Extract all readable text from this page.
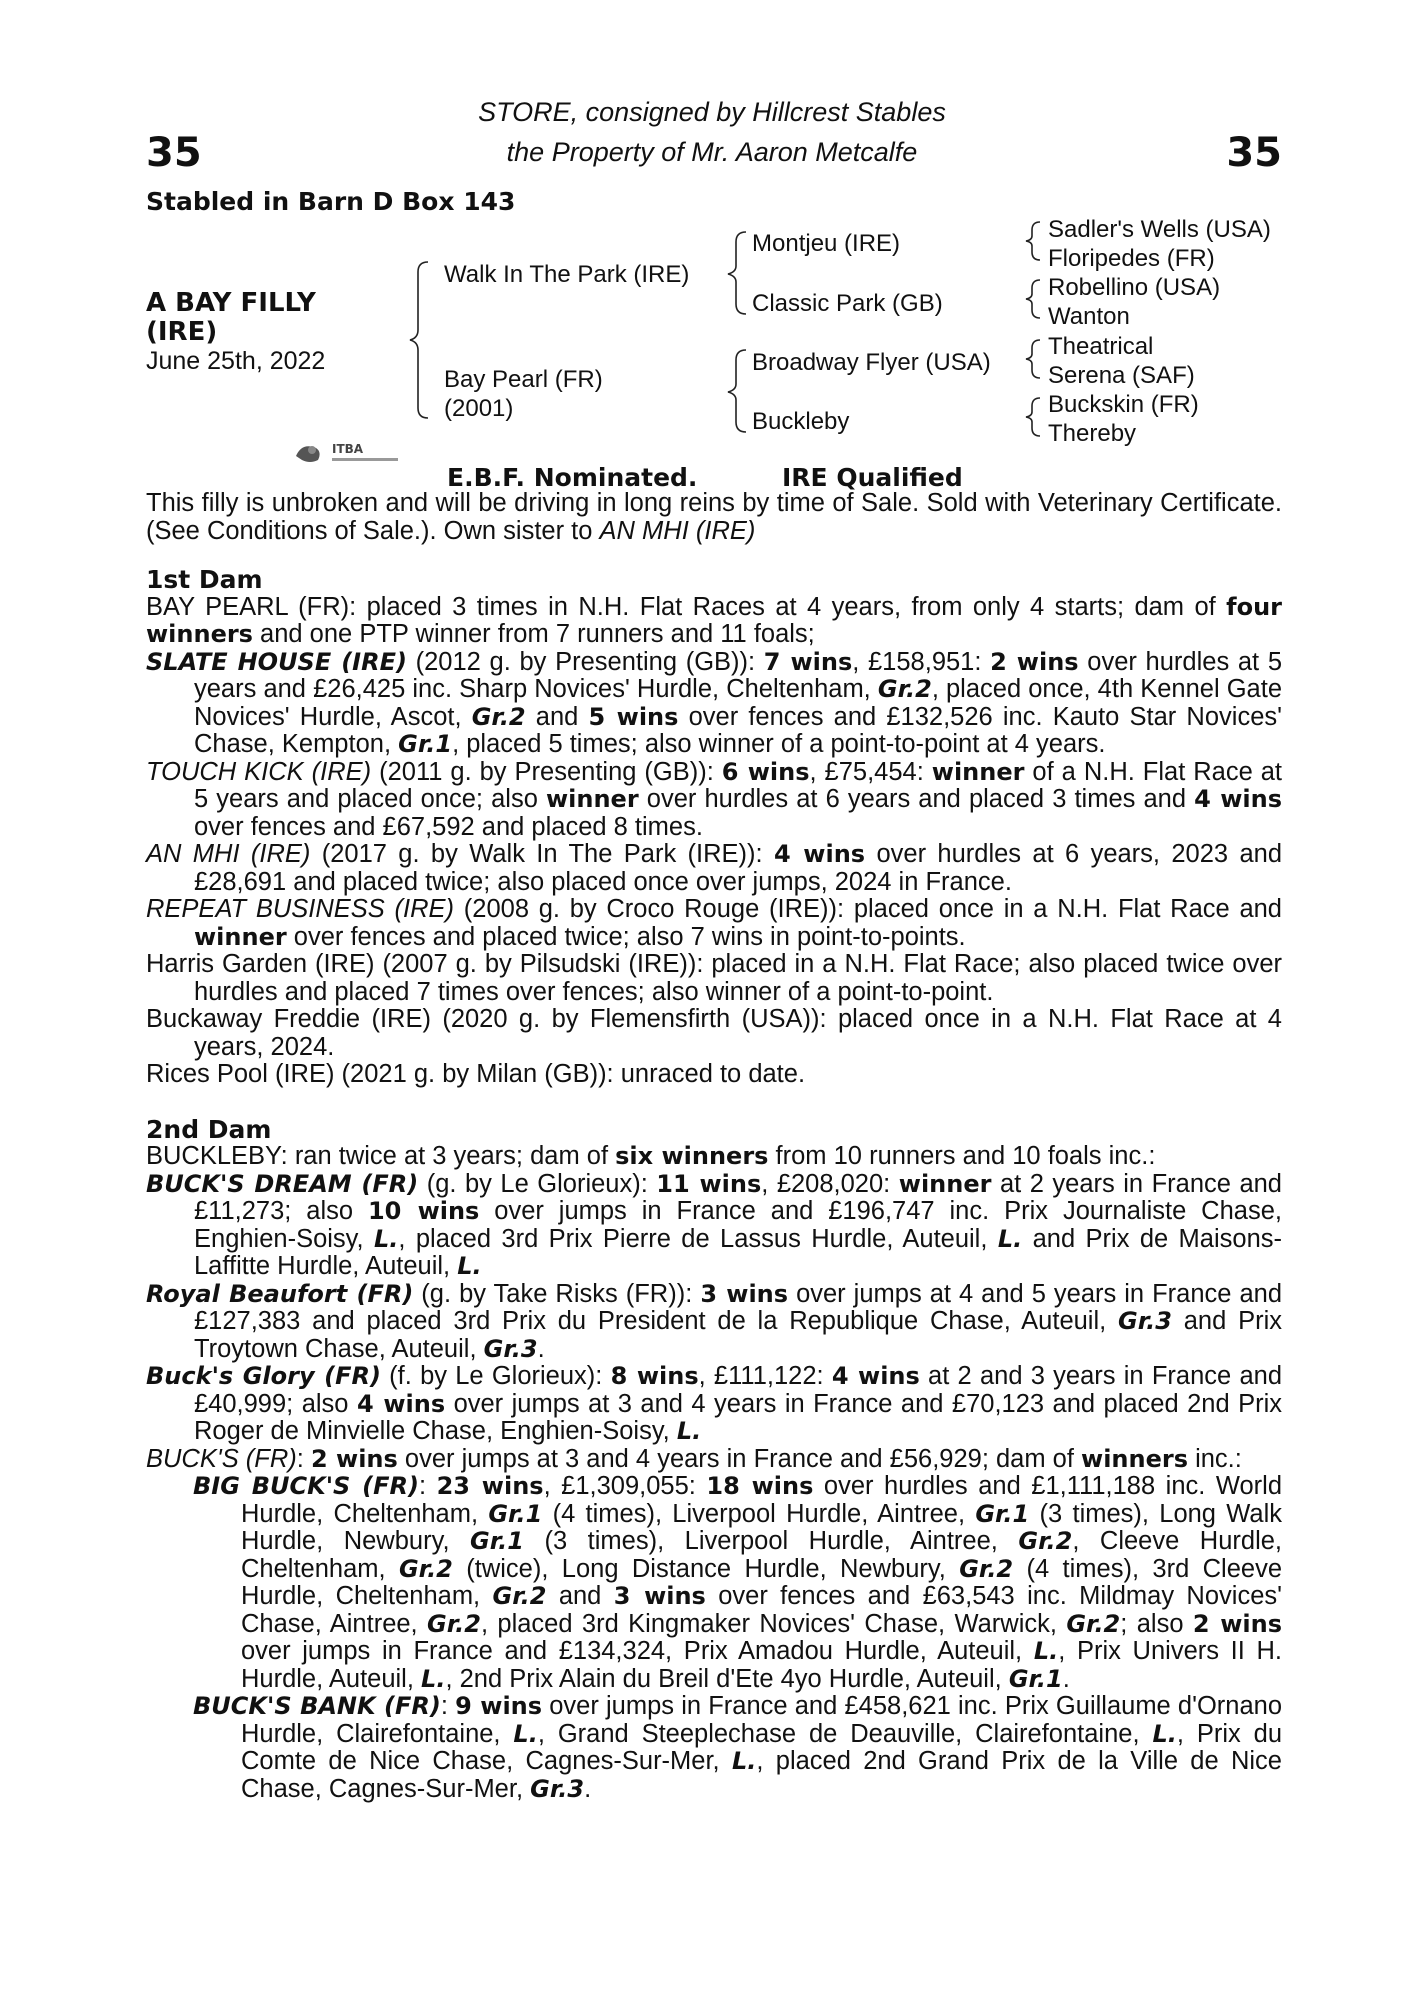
35	35
STORE, consigned by Hillcrest Stables
the Property of Mr. Aaron Metcalfe
Stabled in Barn D Box 143
A BAY FILLY
(IRE)
June 25th, 2022
Walk In The Park (IRE)
Bay Pearl (FR)
(2001)
Montjeu (IRE)
Classic Park (GB)
Broadway Flyer (USA)
Buckleby
Sadler's Wells (USA)
Floripedes (FR)
Robellino (USA)
Wanton
Theatrical
Serena (SAF)
Buckskin (FR)
Thereby
ITBA
E.B.F. Nominated.	IRE Qualified

This filly is unbroken and will be driving in long reins by time of Sale. Sold with Veterinary Certificate. (See Conditions of Sale.). Own sister to AN MHI (IRE)

1st Dam

BAY PEARL (FR): placed 3 times in N.H. Flat Races at 4 years, from only 4 starts; dam of four winners and one PTP winner from 7 runners and 11 foals;

SLATE HOUSE (IRE) (2012 g. by Presenting (GB)): 7 wins, £158,951: 2 wins over hurdles at 5 years and £26,425 inc. Sharp Novices' Hurdle, Cheltenham, Gr.2, placed once, 4th Kennel Gate Novices' Hurdle, Ascot, Gr.2 and 5 wins over fences and £132,526 inc. Kauto Star Novices' Chase, Kempton, Gr.1, placed 5 times; also winner of a point-to-point at 4 years.

TOUCH KICK (IRE) (2011 g. by Presenting (GB)): 6 wins, £75,454: winner of a N.H. Flat Race at 5 years and placed once; also winner over hurdles at 6 years and placed 3 times and 4 wins over fences and £67,592 and placed 8 times.

AN MHI (IRE) (2017 g. by Walk In The Park (IRE)): 4 wins over hurdles at 6 years, 2023 and £28,691 and placed twice; also placed once over jumps, 2024 in France.

REPEAT BUSINESS (IRE) (2008 g. by Croco Rouge (IRE)): placed once in a N.H. Flat Race and winner over fences and placed twice; also 7 wins in point-to-points.

Harris Garden (IRE) (2007 g. by Pilsudski (IRE)): placed in a N.H. Flat Race; also placed twice over hurdles and placed 7 times over fences; also winner of a point-to-point.

Buckaway Freddie (IRE) (2020 g. by Flemensfirth (USA)): placed once in a N.H. Flat Race at 4 years, 2024.

Rices Pool (IRE) (2021 g. by Milan (GB)): unraced to date.

2nd Dam

BUCKLEBY: ran twice at 3 years; dam of six winners from 10 runners and 10 foals inc.:

BUCK'S DREAM (FR) (g. by Le Glorieux): 11 wins, £208,020: winner at 2 years in France and £11,273; also 10 wins over jumps in France and £196,747 inc. Prix Journaliste Chase, Enghien-Soisy, L., placed 3rd Prix Pierre de Lassus Hurdle, Auteuil, L. and Prix de Maisons-Laffitte Hurdle, Auteuil, L.

Royal Beaufort (FR) (g. by Take Risks (FR)): 3 wins over jumps at 4 and 5 years in France and £127,383 and placed 3rd Prix du President de la Republique Chase, Auteuil, Gr.3 and Prix Troytown Chase, Auteuil, Gr.3.

Buck's Glory (FR) (f. by Le Glorieux): 8 wins, £111,122: 4 wins at 2 and 3 years in France and £40,999; also 4 wins over jumps at 3 and 4 years in France and £70,123 and placed 2nd Prix Roger de Minvielle Chase, Enghien-Soisy, L.

BUCK'S (FR): 2 wins over jumps at 3 and 4 years in France and £56,929; dam of winners inc.:

BIG BUCK'S (FR): 23 wins, £1,309,055: 18 wins over hurdles and £1,111,188 inc. World Hurdle, Cheltenham, Gr.1 (4 times), Liverpool Hurdle, Aintree, Gr.1 (3 times), Long Walk Hurdle, Newbury, Gr.1 (3 times), Liverpool Hurdle, Aintree, Gr.2, Cleeve Hurdle, Cheltenham, Gr.2 (twice), Long Distance Hurdle, Newbury, Gr.2 (4 times), 3rd Cleeve Hurdle, Cheltenham, Gr.2 and 3 wins over fences and £63,543 inc. Mildmay Novices' Chase, Aintree, Gr.2, placed 3rd Kingmaker Novices' Chase, Warwick, Gr.2; also 2 wins over jumps in France and £134,324, Prix Amadou Hurdle, Auteuil, L., Prix Univers II H. Hurdle, Auteuil, L., 2nd Prix Alain du Breil d'Ete 4yo Hurdle, Auteuil, Gr.1.

BUCK'S BANK (FR): 9 wins over jumps in France and £458,621 inc. Prix Guillaume d'Ornano Hurdle, Clairefontaine, L., Grand Steeplechase de Deauville, Clairefontaine, L., Prix du Comte de Nice Chase, Cagnes-Sur-Mer, L., placed 2nd Grand Prix de la Ville de Nice Chase, Cagnes-Sur-Mer, Gr.3.
